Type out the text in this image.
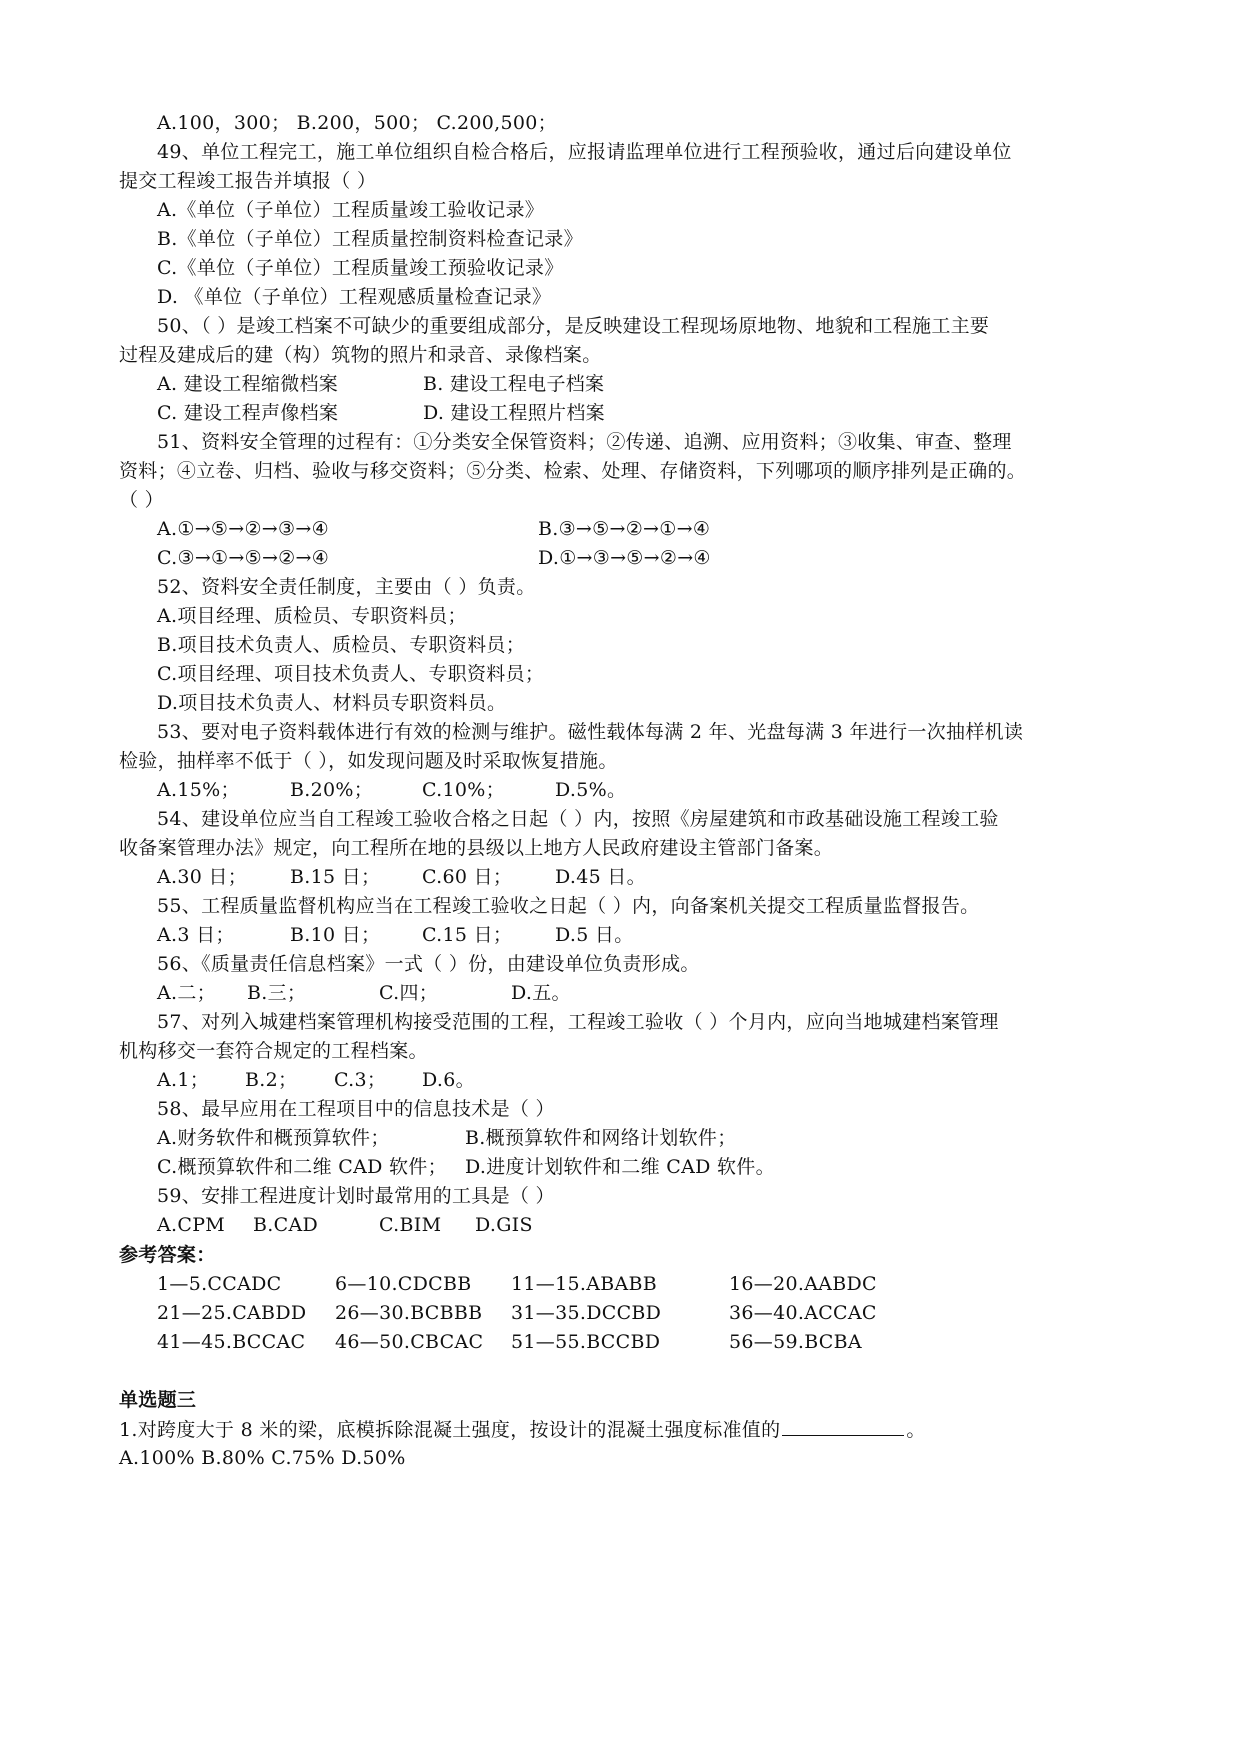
A.100，300； B.200，500； C.200,500；
49、单位工程完工，施工单位组织自检合格后，应报请监理单位进行工程预验收，通过后向建设单位
提交工程竣工报告并填报（ ）
A.《单位（子单位）工程质量竣工验收记录》
B.《单位（子单位）工程质量控制资料检查记录》
C.《单位（子单位）工程质量竣工预验收记录》
D. 《单位（子单位）工程观感质量检查记录》
50、（ ）是竣工档案不可缺少的重要组成部分，是反映建设工程现场原地物、地貌和工程施工主要
过程及建成后的建（构）筑物的照片和录音、录像档案。
A. 建设工程缩微档案	B. 建设工程电子档案
C. 建设工程声像档案	D. 建设工程照片档案
51、资料安全管理的过程有：①分类安全保管资料；②传递、追溯、应用资料；③收集、审查、整理
资料；④立卷、归档、验收与移交资料；⑤分类、检索、处理、存储资料，下列哪项的顺序排列是正确的。
（ ）
A.①→⑤→②→③→④	B.③→⑤→②→①→④
C.③→①→⑤→②→④	D.①→③→⑤→②→④
52、资料安全责任制度，主要由（ ）负责。
A.项目经理、质检员、专职资料员；
B.项目技术负责人、质检员、专职资料员；
C.项目经理、项目技术负责人、专职资料员；
D.项目技术负责人、材料员专职资料员。
53、要对电子资料载体进行有效的检测与维护。磁性载体每满 2 年、光盘每满 3 年进行一次抽样机读
检验，抽样率不低于（ ），如发现问题及时采取恢复措施。
A.15%；	B.20%；	C.10%；	D.5%。
54、建设单位应当自工程竣工验收合格之日起（ ）内，按照《房屋建筑和市政基础设施工程竣工验
收备案管理办法》规定，向工程所在地的县级以上地方人民政府建设主管部门备案。
A.30 日； B.15 日； C.60 日； D.45 日。
55、工程质量监督机构应当在工程竣工验收之日起（ ）内，向备案机关提交工程质量监督报告。
A.3 日；	B.10 日； C.15 日； D.5 日。
56、《质量责任信息档案》一式（ ）份，由建设单位负责形成。
A.二； B.三；	C.四；	D.五。
57、对列入城建档案管理机构接受范围的工程，工程竣工验收（ ）个月内，应向当地城建档案管理
机构移交一套符合规定的工程档案。
A.1； B.2； C.3； D.6。
58、最早应用在工程项目中的信息技术是（ ）
A.财务软件和概预算软件；	B.概预算软件和网络计划软件；
C.概预算软件和二维 CAD 软件； D.进度计划软件和二维 CAD 软件。
59、安排工程进度计划时最常用的工具是（ ）
A.CPM B.CAD	C.BIM D.GIS
参考答案：
1—5.CCADC	6—10.CDCBB 11—15.ABABB	16—20.AABDC
21—25.CABDD 26—30.BCBBB 31—35.DCCBD	36—40.ACCAC
41—45.BCCAC 46—50.CBCAC 51—55.BCCBD	56—59.BCBA
单选题三
1.对跨度大于 8 米的梁，底模拆除混凝土强度，按设计的混凝土强度标准值的	。
A.100% B.80% C.75% D.50%
